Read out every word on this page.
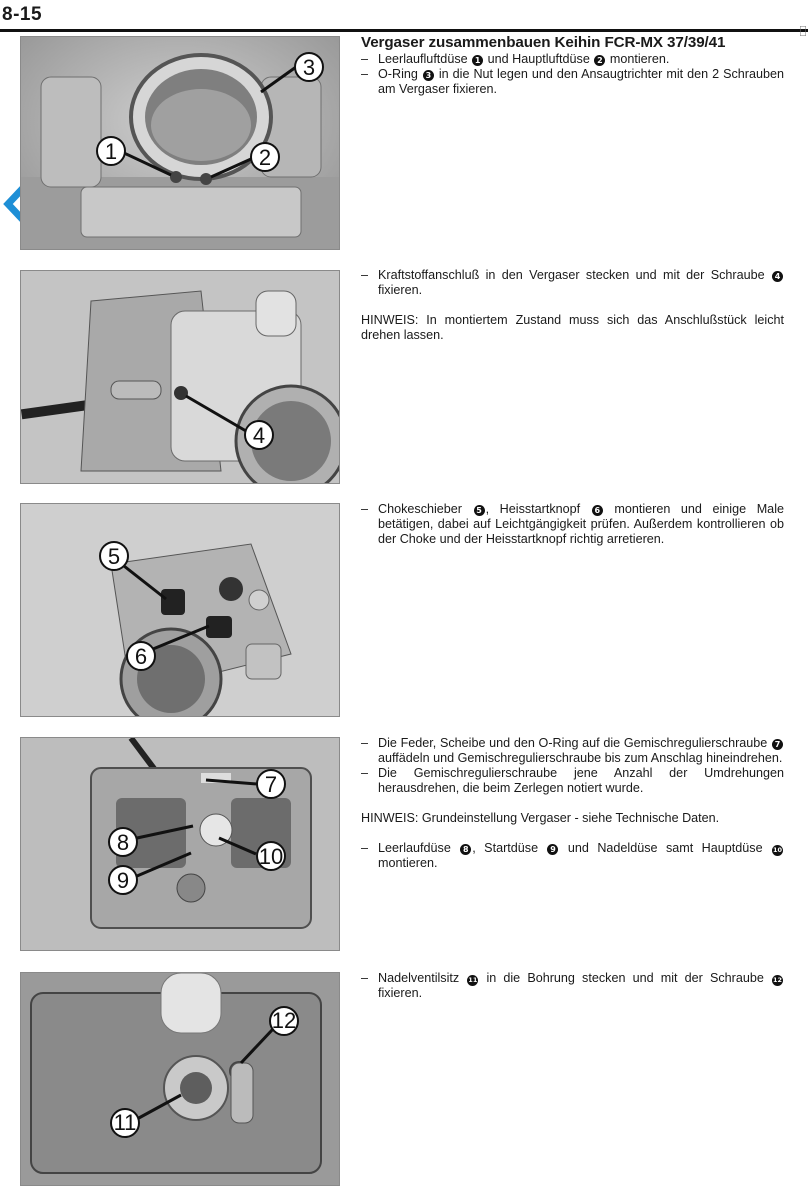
8-15
3
1	2
Vergaser zusammenbauen Keihin FCR-MX 37/39/41
– Leerlaufluftdüse 1 und Hauptluftdüse 2 montieren.
– O-Ring 3 in die Nut legen und den Ansaugtrichter mit den 2 Schrauben am Vergaser fixieren.
4
– Kraftstoffanschluß in den Vergaser stecken und mit der Schraube 4 fixieren.

HINWEIS: In montiertem Zustand muss sich das Anschlußstück leicht drehen lassen.

5
6
– Chokeschieber 5 , Heisstartknopf 6 montieren und einige Male betätigen, dabei auf Leichtgängigkeit prüfen. Außerdem kontrollieren ob der Choke und der Heisstartknopf richtig arretieren.
7
8
10
9
– Die Feder, Scheibe und den O-Ring auf die Gemischregulierschraube 7 auffädeln und Gemischregulierschraube bis zum Anschlag hineindrehen.
– Die Gemischregulierschraube jene Anzahl der Umdrehungen herausdrehen, die beim Zerlegen notiert wurde.

HINWEIS: Grundeinstellung Vergaser - siehe Technische Daten.

– Leerlaufdüse 8 , Startdüse 9 und Nadeldüse samt Hauptdüse 10 montieren.
12
11
– Nadelventilsitz 11 in die Bohrung stecken und mit der Schraube 12 fixieren.
